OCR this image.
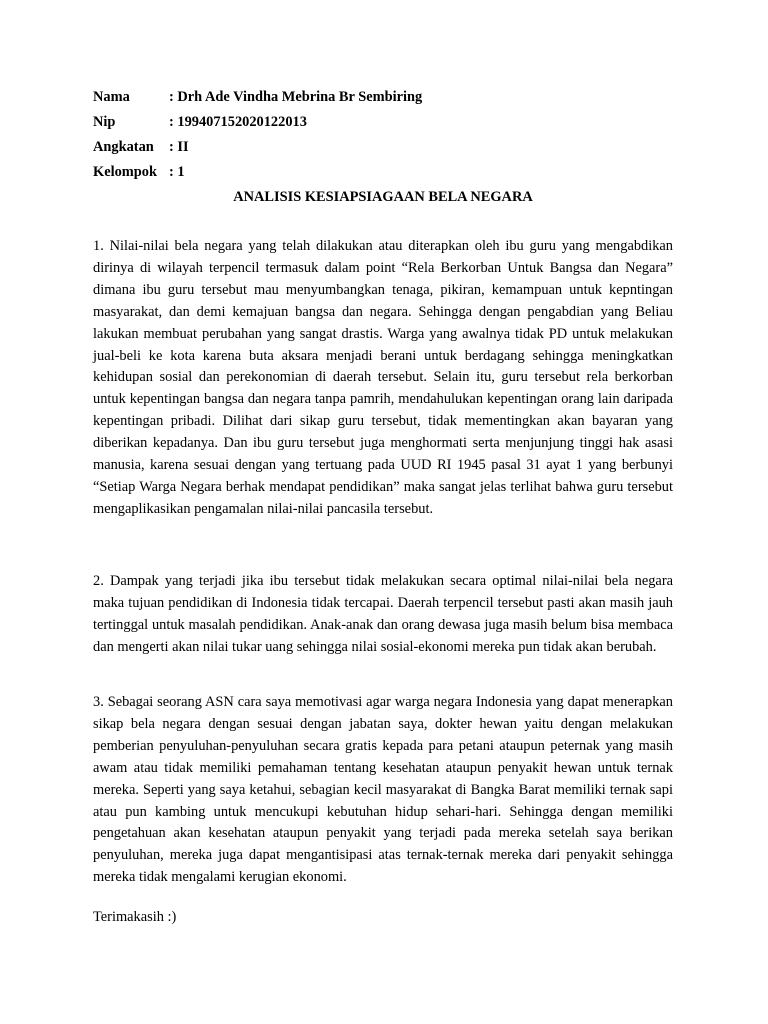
Nama	: Drh Ade Vindha Mebrina Br Sembiring
Nip	: 199407152020122013
Angkatan : II
Kelompok : 1
ANALISIS KESIAPSIAGAAN BELA NEGARA

1. Nilai-nilai bela negara yang telah dilakukan atau diterapkan oleh ibu guru yang mengabdikan dirinya di wilayah terpencil termasuk dalam point “Rela Berkorban Untuk Bangsa dan Negara” dimana ibu guru tersebut mau menyumbangkan tenaga, pikiran, kemampuan untuk kepntingan masyarakat, dan demi kemajuan bangsa dan negara. Sehingga dengan pengabdian yang Beliau lakukan membuat perubahan yang sangat drastis. Warga yang awalnya tidak PD untuk melakukan jual-beli ke kota karena buta aksara menjadi berani untuk berdagang sehingga meningkatkan kehidupan sosial dan perekonomian di daerah tersebut. Selain itu, guru tersebut rela berkorban untuk kepentingan bangsa dan negara tanpa pamrih, mendahulukan kepentingan orang lain daripada kepentingan pribadi. Dilihat dari sikap guru tersebut, tidak mementingkan akan bayaran yang diberikan kepadanya. Dan ibu guru tersebut juga menghormati serta menjunjung tinggi hak asasi manusia, karena sesuai dengan yang tertuang pada UUD RI 1945 pasal 31 ayat 1 yang berbunyi “Setiap Warga Negara berhak mendapat pendidikan” maka sangat jelas terlihat bahwa guru tersebut mengaplikasikan pengamalan nilai-nilai pancasila tersebut.

2. Dampak yang terjadi jika ibu tersebut tidak melakukan secara optimal nilai-nilai bela negara maka tujuan pendidikan di Indonesia tidak tercapai. Daerah terpencil tersebut pasti akan masih jauh tertinggal untuk masalah pendidikan. Anak-anak dan orang dewasa juga masih belum bisa membaca dan mengerti akan nilai tukar uang sehingga nilai sosial-ekonomi mereka pun tidak akan berubah.

3. Sebagai seorang ASN cara saya memotivasi agar warga negara Indonesia yang dapat menerapkan sikap bela negara dengan sesuai dengan jabatan saya, dokter hewan yaitu dengan melakukan pemberian penyuluhan-penyuluhan secara gratis kepada para petani ataupun peternak yang masih awam atau tidak memiliki pemahaman tentang kesehatan ataupun penyakit hewan untuk ternak mereka. Seperti yang saya ketahui, sebagian kecil masyarakat di Bangka Barat memiliki ternak sapi atau pun kambing untuk mencukupi kebutuhan hidup sehari-hari. Sehingga dengan memiliki pengetahuan akan kesehatan ataupun penyakit yang terjadi pada mereka setelah saya berikan penyuluhan, mereka juga dapat mengantisipasi atas ternak-ternak mereka dari penyakit sehingga mereka tidak mengalami kerugian ekonomi.

Terimakasih :)
